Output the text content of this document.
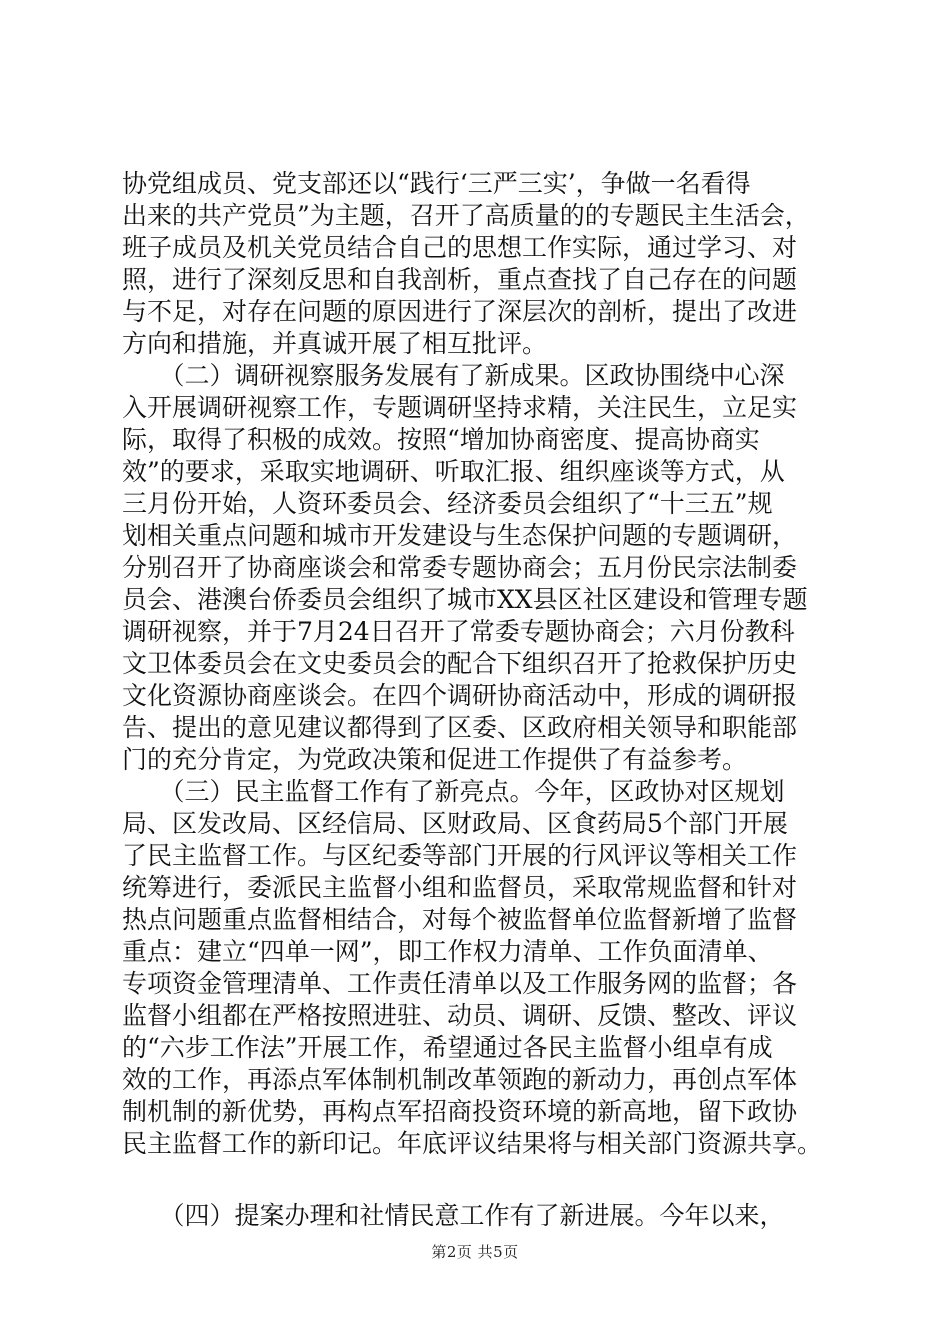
协党组成员、党支部还以“践行‘三严三实’，争做一名看得
出来的共产党员”为主题，召开了高质量的的专题民主生活会，
班子成员及机关党员结合自己的思想工作实际，通过学习、对
照，进行了深刻反思和自我剖析，重点查找了自己存在的问题
与不足，对存在问题的原因进行了深层次的剖析，提出了改进
方向和措施，并真诚开展了相互批评。
　　（二）调研视察服务发展有了新成果。区政协围绕中心深
入开展调研视察工作，专题调研坚持求精，关注民生，立足实
际，取得了积极的成效。按照“增加协商密度、提高协商实
效”的要求，采取实地调研、听取汇报、组织座谈等方式，从
三月份开始，人资环委员会、经济委员会组织了“十三五”规
划相关重点问题和城市开发建设与生态保护问题的专题调研，
分别召开了协商座谈会和常委专题协商会；五月份民宗法制委
员会、港澳台侨委员会组织了城市XX县区社区建设和管理专题
调研视察，并于7月24日召开了常委专题协商会；六月份教科
文卫体委员会在文史委员会的配合下组织召开了抢救保护历史
文化资源协商座谈会。在四个调研协商活动中，形成的调研报
告、提出的意见建议都得到了区委、区政府相关领导和职能部
门的充分肯定，为党政决策和促进工作提供了有益参考。
　　（三）民主监督工作有了新亮点。今年，区政协对区规划
局、区发改局、区经信局、区财政局、区食药局5个部门开展
了民主监督工作。与区纪委等部门开展的行风评议等相关工作
统筹进行，委派民主监督小组和监督员，采取常规监督和针对
热点问题重点监督相结合，对每个被监督单位监督新增了监督
重点：建立“四单一网”，即工作权力清单、工作负面清单、
专项资金管理清单、工作责任清单以及工作服务网的监督；各
监督小组都在严格按照进驻、动员、调研、反馈、整改、评议
的“六步工作法”开展工作，希望通过各民主监督小组卓有成
效的工作，再添点军体制机制改革领跑的新动力，再创点军体
制机制的新优势，再构点军招商投资环境的新高地，留下政协
民主监督工作的新印记。年底评议结果将与相关部门资源共享。
　　（四）提案办理和社情民意工作有了新进展。今年以来，
第2页 共5页
